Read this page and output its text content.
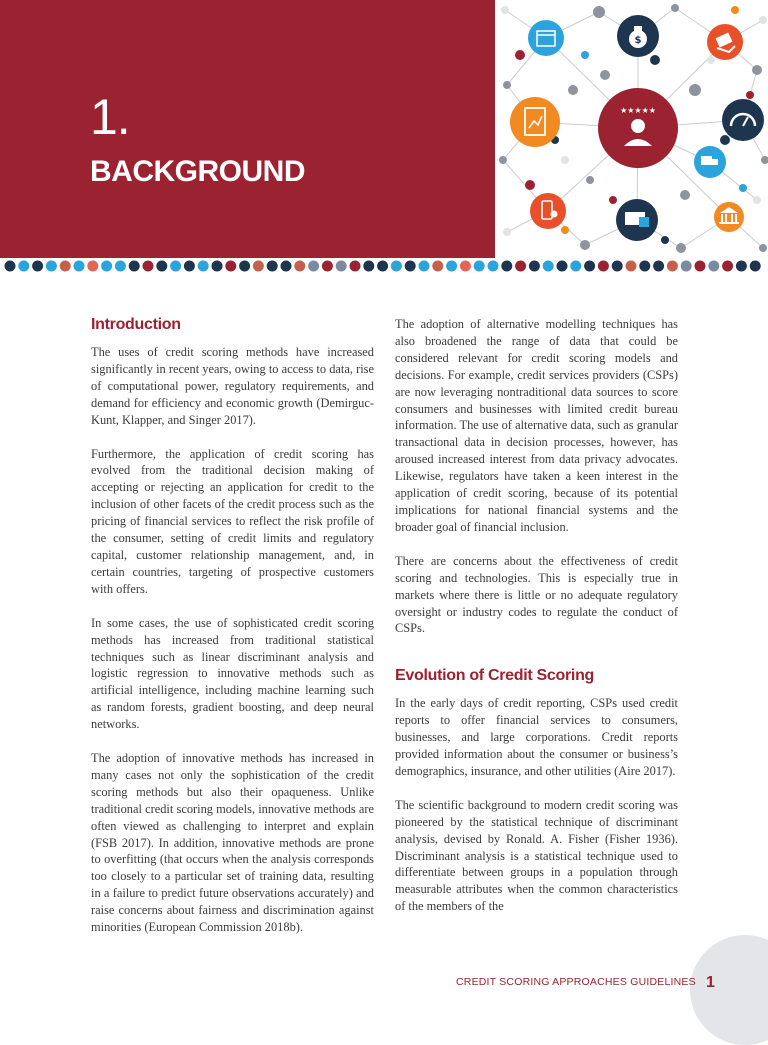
1.
BACKGROUND
★★★★★
$
Introduction

The uses of credit scoring methods have increased significantly in recent years, owing to access to data, rise of computational power, regulatory requirements, and demand for efficiency and economic growth (Demirguc-Kunt, Klapper, and Singer 2017).

Furthermore, the application of credit scoring has evolved from the traditional decision making of accepting or rejecting an application for credit to the inclusion of other facets of the credit process such as the pricing of financial services to reflect the risk profile of the consumer, setting of credit limits and regulatory capital, customer relationship management, and, in certain countries, targeting of prospective customers with offers.

In some cases, the use of sophisticated credit scoring methods has increased from traditional statistical techniques such as linear discriminant analysis and logistic regression to innovative methods such as artificial intelligence, including machine learning such as random forests, gradient boosting, and deep neural networks.

The adoption of innovative methods has increased in many cases not only the sophistication of the credit scoring methods but also their opaqueness. Unlike traditional credit scoring models, innovative methods are often viewed as challenging to interpret and explain (FSB 2017). In addition, innovative methods are prone to overfitting (that occurs when the analysis corresponds too closely to a particular set of training data, resulting in a failure to predict future observations accurately) and raise concerns about fairness and discrimination against minorities (European Commission 2018b).

The adoption of alternative modelling techniques has also broadened the range of data that could be considered relevant for credit scoring models and decisions. For example, credit services providers (CSPs) are now leveraging nontraditional data sources to score consumers and businesses with limited credit bureau information. The use of alternative data, such as granular transactional data in decision processes, however, has aroused increased interest from data privacy advocates. Likewise, regulators have taken a keen interest in the application of credit scoring, because of its potential implications for national financial systems and the broader goal of financial inclusion.

There are concerns about the effectiveness of credit scoring and technologies. This is especially true in markets where there is little or no adequate regulatory oversight or industry codes to regulate the conduct of CSPs.

Evolution of Credit Scoring

In the early days of credit reporting, CSPs used credit reports to offer financial services to consumers, businesses, and large corporations. Credit reports provided information about the consumer or business’s demographics, insurance, and other utilities (Aire 2017).

The scientific background to modern credit scoring was pioneered by the statistical technique of discriminant analysis, devised by Ronald. A. Fisher (Fisher 1936). Discriminant analysis is a statistical technique used to differentiate between groups in a population through measurable attributes when the common characteristics of the members of the

CREDIT SCORING APPROACHES GUIDELINES 1
